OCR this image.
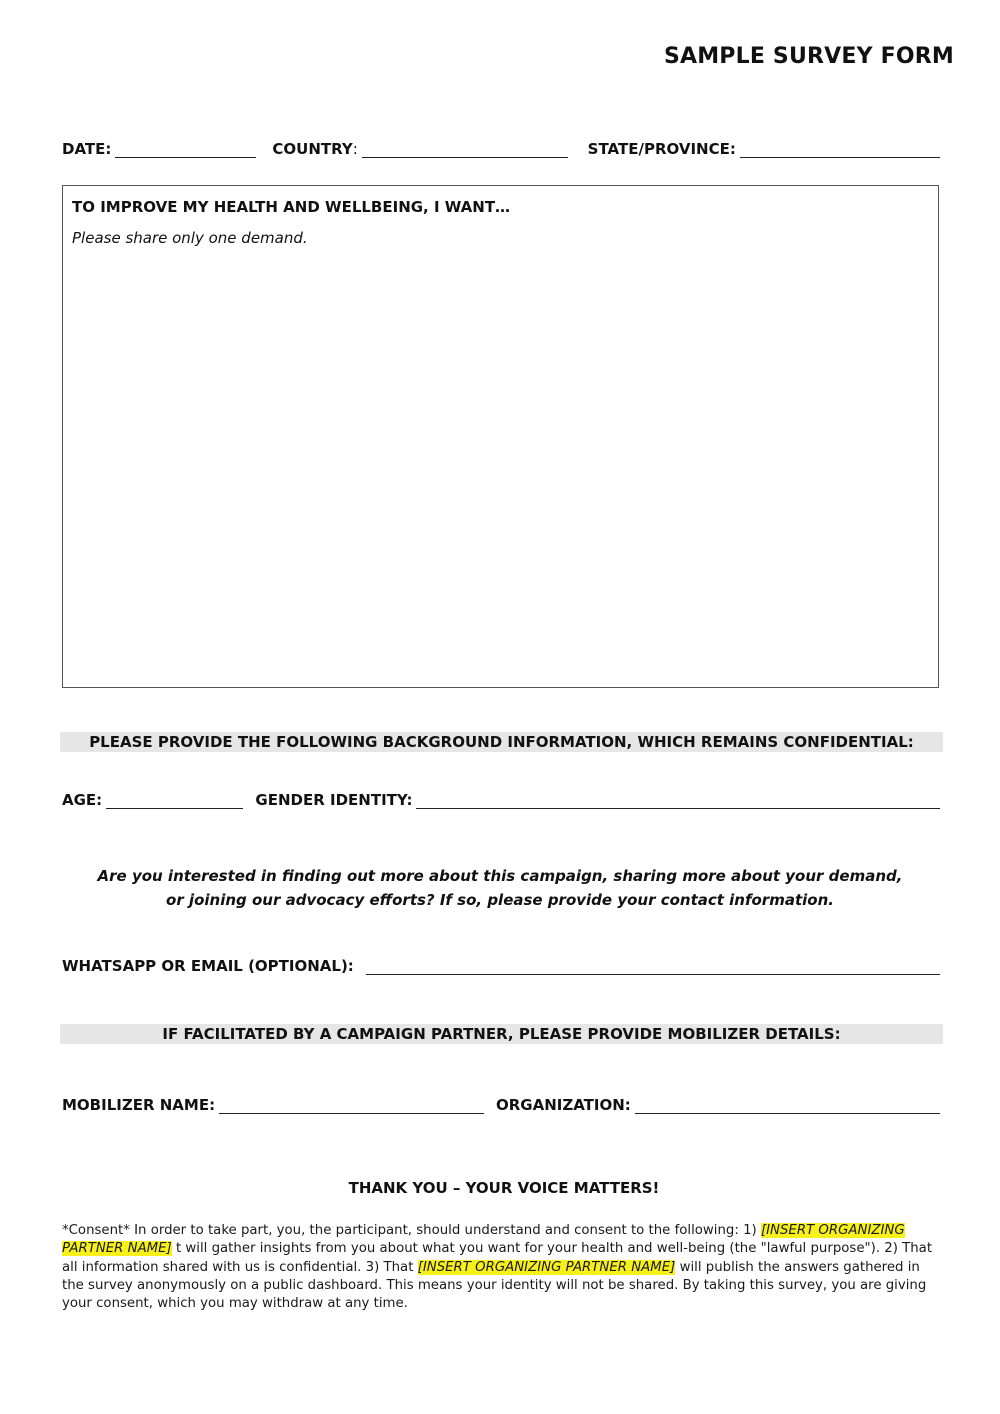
SAMPLE SURVEY FORM
DATE:	COUNTRY:	STATE/PROVINCE:
TO IMPROVE MY HEALTH AND WELLBEING, I WANT…
Please share only one demand.
PLEASE PROVIDE THE FOLLOWING BACKGROUND INFORMATION, WHICH REMAINS CONFIDENTIAL:
AGE:	GENDER IDENTITY:
Are you interested in finding out more about this campaign, sharing more about your demand,
or joining our advocacy efforts? If so, please provide your contact information.
WHATSAPP OR EMAIL (OPTIONAL):
IF FACILITATED BY A CAMPAIGN PARTNER, PLEASE PROVIDE MOBILIZER DETAILS:
MOBILIZER NAME:	ORGANIZATION:
THANK YOU – YOUR VOICE MATTERS!
*Consent* In order to take part, you, the participant, should understand and consent to the following: 1) [INSERT ORGANIZING PARTNER NAME] t will gather insights from you about what you want for your health and well-being (the "lawful purpose"). 2) That all information shared with us is confidential. 3) That [INSERT ORGANIZING PARTNER NAME] will publish the answers gathered in the survey anonymously on a public dashboard. This means your identity will not be shared. By taking this survey, you are giving your consent, which you may withdraw at any time.
